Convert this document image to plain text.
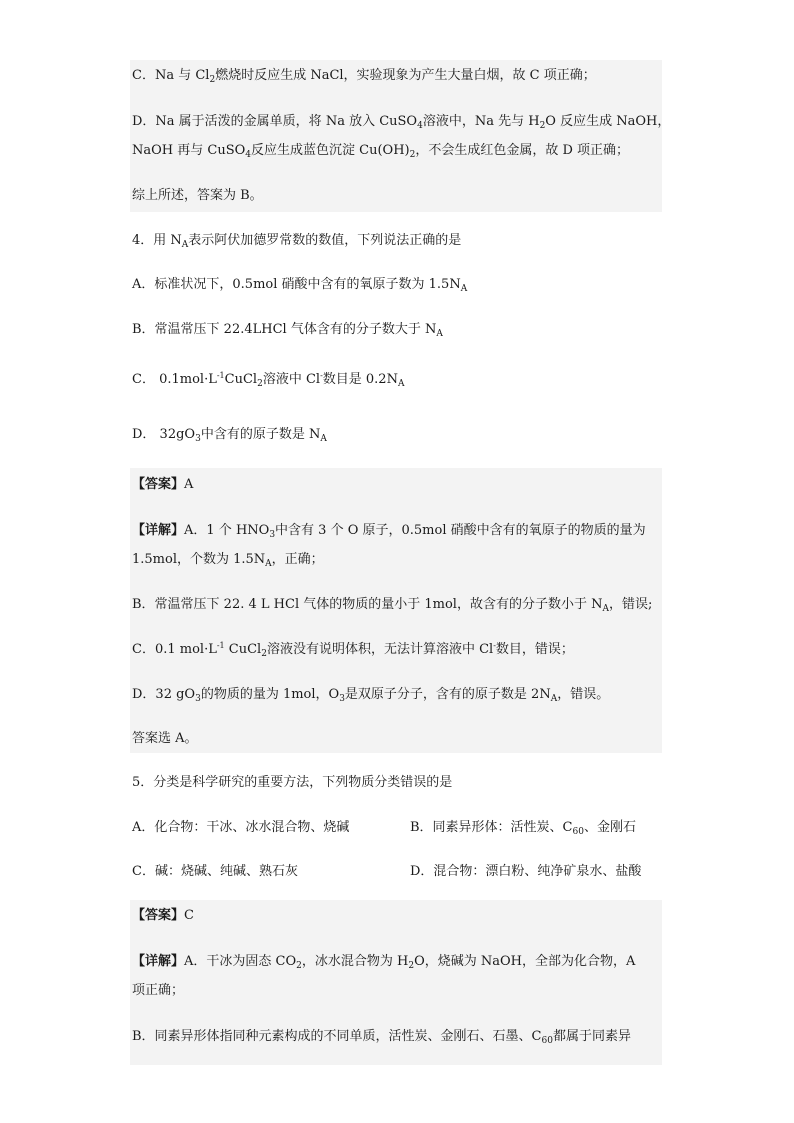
C．Na 与 $Cl_2$燃烧时反应生成 NaCl，实验现象为产生大量白烟，故 C 项正确；
D．Na 属于活泼的金属单质，将 Na 放入 CuSO$_4$溶液中，Na 先与 $H_2O$ 反应生成 NaOH，
NaOH 再与 CuSO$_4$反应生成蓝色沉淀 $Cu(OH)_2$，不会生成红色金属，故 D 项正确；
综上所述，答案为 B。
4．用 $N_A$表示阿伏加德罗常数的数值，下列说法正确的是
A．标准状况下，0.5mol 硝酸中含有的氧原子数为 $1.5N_A$
B．常温常压下 22.4LHCl 气体含有的分子数大于 $N_A$
C． $0.1mol\cdot L^{-1}CuCl_2$溶液中 Cl-数目是 $0.2N_A$
D． $32gO_3$中含有的原子数是 $N_A$
【答案】A
【详解】A．1 个 $HNO_3$中含有 3 个 O 原子，0.5mol 硝酸中含有的氧原子的物质的量为
1.5mol，个数为 $1.5N_A$，正确；
B．常温常压下 22. 4 L HCl 气体的物质的量小于 1mol，故含有的分子数小于 $N_A$，错误;
C．0.1 $mol\cdot L^{-1}$ CuCl$_2$溶液没有说明体积，无法计算溶液中 Cl-数目，错误；
D．32 $gO_3$的物质的量为 1mol，$O_3$是双原子分子，含有的原子数是 $2N_A$，错误。
答案选 A。
5．分类是科学研究的重要方法，下列物质分类错误的是
A．化合物：干冰、冰水混合物、烧碱	B．同素异形体：活性炭、$C_{60}$、金刚石
C．碱：烧碱、纯碱、熟石灰	D．混合物：漂白粉、纯净矿泉水、盐酸
【答案】C
【详解】A．干冰为固态 $CO_2$，冰水混合物为 $H_2O$，烧碱为 NaOH，全部为化合物，A
项正确；
B．同素异形体指同种元素构成的不同单质，活性炭、金刚石、石墨、$C_{60}$都属于同素异
